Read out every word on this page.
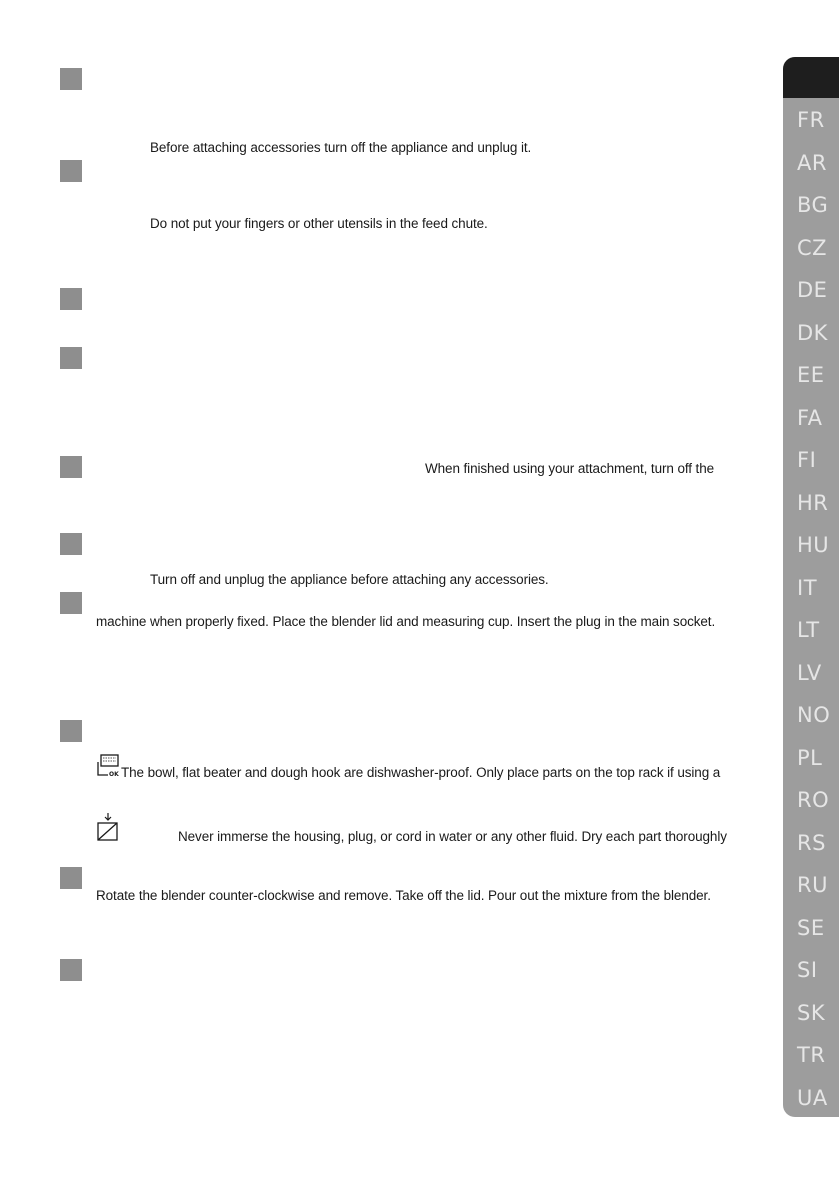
Before attaching accessories turn off the appliance and unplug it.
Do not put your fingers or other utensils in the feed chute.
When finished using your attachment, turn off the
Turn off and unplug the appliance before attaching any accessories.
machine when properly fixed. Place the blender lid and measuring cup. Insert the plug in the main socket.
OK The bowl, flat beater and dough hook are dishwasher-proof. Only place parts on the top rack if using a
Never immerse the housing, plug, or cord in water or any other fluid. Dry each part thoroughly
Rotate the blender counter-clockwise and remove. Take off the lid. Pour out the mixture from the blender.
FR
AR
BG
CZ
DE
DK
EE
FA
FI
HR
HU
IT
LT
LV
NO
PL
RO
RS
RU
SE
SI
SK
TR
UA
